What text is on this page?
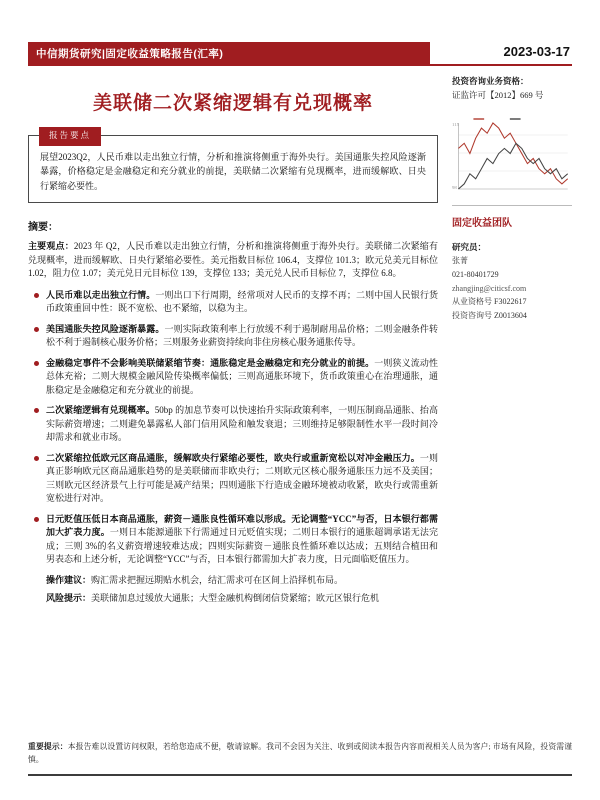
中信期货研究|固定收益策略报告(汇率)	2023-03-17
美联储二次紧缩逻辑有兑现概率
报告要点
展望2023Q2，人民币难以走出独立行情，分析和推演将侧重于海外央行。美国通胀失控风险逐渐暴露，价格稳定是金融稳定和充分就业的前提，美联储二次紧缩有兑现概率，进而缓解欧、日央行紧缩必要性。
摘要：
主要观点：2023 年 Q2，人民币难以走出独立行情，分析和推演将侧重于海外央行。美联储二次紧缩有兑现概率，进而缓解欧、日央行紧缩必要性。美元指数目标位 106.4，支撑位 101.3；欧元兑美元目标位 1.02，阻力位 1.07；美元兑日元目标位 139，支撑位 133；美元兑人民币目标位 7，支撑位 6.8。
人民币难以走出独立行情。一则出口下行周期，经常项对人民币的支撑不再；二则中国人民银行货币政策重回中性：既不宽松、也不紧缩，以稳为主。
美国通胀失控风险逐渐暴露。一则实际政策利率上行放缓不利于遏制耐用品价格；二则金融条件转松不利于遏制核心服务价格；三则服务业薪资持续向非住房核心服务通胀传导。
金融稳定事件不会影响美联储紧缩节奏：通胀稳定是金融稳定和充分就业的前提。一则狭义流动性总体充裕；二则大规模金融风险传染概率偏低；三则高通胀环境下，货币政策重心在治理通胀，通胀稳定是金融稳定和充分就业的前提。
二次紧缩逻辑有兑现概率。50bp 的加息节奏可以快速抬升实际政策利率，一则压制商品通胀、抬高实际薪资增速；二则避免暴露私人部门信用风险和触发衰退；三则维持足够限制性水平一段时间冷却需求和就业市场。
二次紧缩拉低欧元区商品通胀，缓解欧央行紧缩必要性，欧央行或重新宽松以对冲金融压力。一则真正影响欧元区商品通胀趋势的是美联储而非欧央行；二则欧元区核心服务通胀压力远不及美国；三则欧元区经济景气上行可能是减产结果；四则通胀下行造成金融环境被动收紧，欧央行或需重新宽松进行对冲。
日元贬值压低日本商品通胀，薪资－通胀良性循环难以形成。无论调整“YCC”与否，日本银行都需加大扩表力度。一则日本能源通胀下行需通过日元贬值实现；二则日本银行的通胀超调承诺无法完成；三则 3%的名义薪资增速较难达成；四则实际薪资－通胀良性循环难以达成；五则结合植田和男表态和上述分析，无论调整“YCC”与否，日本银行都需加大扩表力度，日元面临贬值压力。
操作建议：购汇需求把握远期贴水机会，结汇需求可在区间上沿择机布局。
风险提示：美联储加息过缓放大通胀；大型金融机构倒闭信贷紧缩；欧元区银行危机
投资咨询业务资格：
证监许可【2012】669 号
115
98
固定收益团队
研究员：
张菁
021-80401729
zhangjing@citicsf.com
从业资格号 F3022617
投资咨询号 Z0013604
重要提示：本报告难以设置访问权限，若给您造成不便，敬请谅解。我司不会因为关注、收到或阅读本报告内容而视相关人员为客户; 市场有风险，投资需谨慎。
